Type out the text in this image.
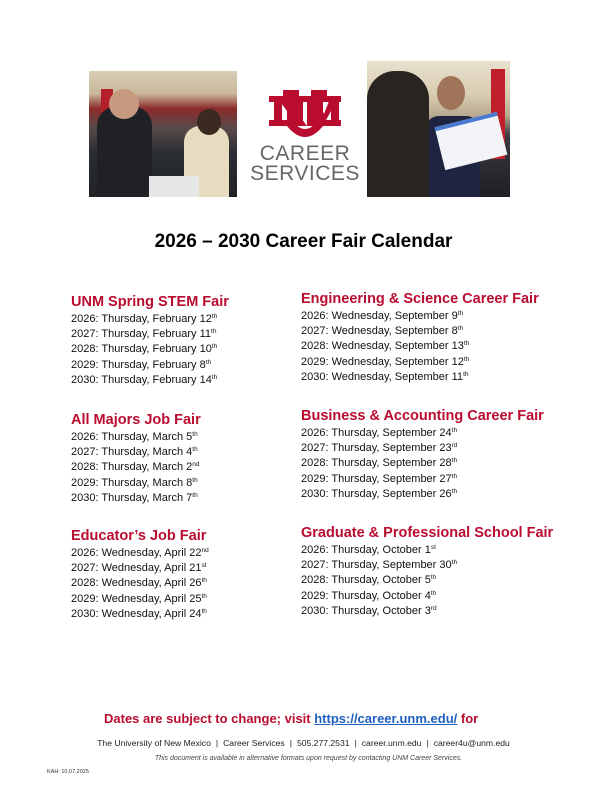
CAREER
SERVICES
2026 – 2030 Career Fair Calendar
UNM Spring STEM Fair
2026: Thursday, February 12th
2027: Thursday, February 11th
2028: Thursday, February 10th
2029: Thursday, February 8th
2030: Thursday, February 14th
All Majors Job Fair
2026: Thursday, March 5th
2027: Thursday, March 4th
2028: Thursday, March 2nd
2029: Thursday, March 8th
2030: Thursday, March 7th
Educator’s Job Fair
2026: Wednesday, April 22nd
2027: Wednesday, April 21st
2028: Wednesday, April 26th
2029: Wednesday, April 25th
2030: Wednesday, April 24th
Engineering & Science Career Fair
2026: Wednesday, September 9th
2027: Wednesday, September 8th
2028: Wednesday, September 13th
2029: Wednesday, September 12th
2030: Wednesday, September 11th
Business & Accounting Career Fair
2026: Thursday, September 24th
2027: Thursday, September 23rd
2028: Thursday, September 28th
2029: Thursday, September 27th
2030: Thursday, September 26th
Graduate & Professional School Fair
2026: Thursday, October 1st
2027: Thursday, September 30th
2028: Thursday, October 5th
2029: Thursday, October 4th
2030: Thursday, October 3rd
Dates are subject to change; visit https://career.unm.edu/ for
The University of New Mexico | Career Services | 505.277.2531 | career.unm.edu | career4u@unm.edu
This document is available in alternative formats upon request by contacting UNM Career Services.
KAH: 10.07.2025
